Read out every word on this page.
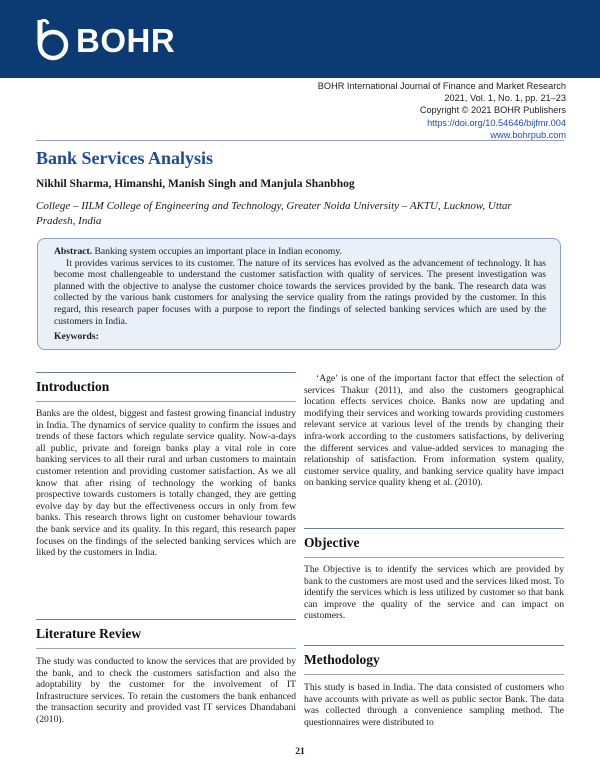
BOHR
BOHR International Journal of Finance and Market Research
2021, Vol. 1, No. 1, pp. 21–23
Copyright © 2021 BOHR Publishers
https://doi.org/10.54646/bijfmr.004
www.bohrpub.com
Bank Services Analysis
Nikhil Sharma, Himanshi, Manish Singh and Manjula Shanbhog
College – IILM College of Engineering and Technology, Greater Noida University – AKTU, Lucknow, Uttar Pradesh, India

Abstract. Banking system occupies an important place in Indian economy.

It provides various services to its customer. The nature of its services has evolved as the advancement of technology. It has become most challengeable to understand the customer satisfaction with quality of services. The present investigation was planned with the objective to analyse the customer choice towards the services provided by the bank. The research data was collected by the various bank customers for analysing the service quality from the ratings provided by the customer. In this regard, this research paper focuses with a purpose to report the findings of selected banking services which are used by the customers in India.

Keywords:

Introduction

Banks are the oldest, biggest and fastest growing financial industry in India. The dynamics of service quality to confirm the issues and trends of these factors which regulate service quality. Now-a-days all public, private and foreign banks play a vital role in core banking services to all their rural and urban customers to maintain customer retention and providing customer satisfaction. As we all know that after rising of technology the working of banks prospective towards customers is totally changed, they are getting evolve day by day but the effectiveness occurs in only from few banks. This research throws light on customer behaviour towards the bank service and its quality. In this regard, this research paper focuses on the findings of the selected banking services which are liked by the customers in India.

Literature Review

The study was conducted to know the services that are provided by the bank, and to check the customers satisfaction and also the adoptability by the customer for the involvement of IT Infrastructure services. To retain the customers the bank enhanced the transaction security and provided vast IT services Dhandabani (2010).

‘Age’ is one of the important factor that effect the selection of services Thakur (2011), and also the customers geographical location effects services choice. Banks now are updating and modifying their services and working towards providing customers relevant service at various level of the trends by changing their infra-work according to the customers satisfactions, by delivering the different services and value-added services to managing the relationship of satisfaction. From information system quality, customer service quality, and banking service quality have impact on banking service quality kheng et al. (2010).

Objective

The Objective is to identify the services which are provided by bank to the customers are most used and the services liked most. To identify the services which is less utilized by customer so that bank can improve the quality of the service and can impact on customers.

Methodology

This study is based in India. The data consisted of customers who have accounts with private as well as public sector Bank. The data was collected through a convenience sampling method. The questionnaires were distributed to

21
